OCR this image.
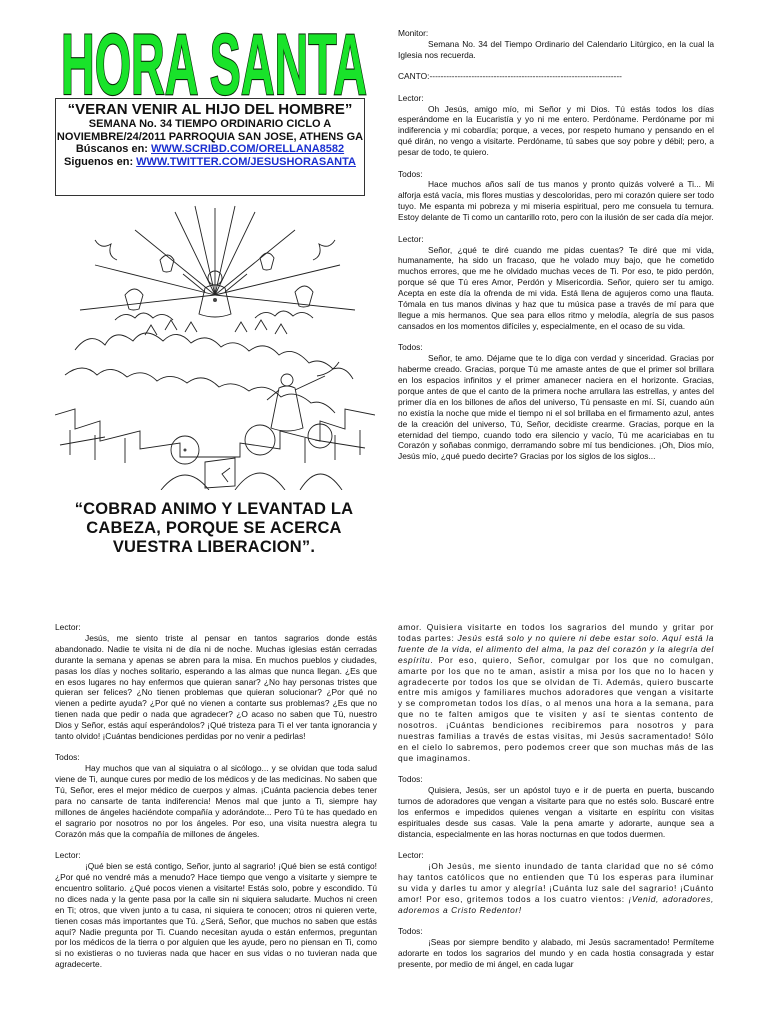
HORA SANTA
“VERAN VENIR AL HIJO DEL HOMBRE”
SEMANA No. 34 TIEMPO ORDINARIO CICLO A
NOVIEMBRE/24/2011 PARROQUIA SAN JOSE, ATHENS GA
Búscanos en: WWW.SCRIBD.COM/ORELLANA8582
Siguenos en: WWW.TWITTER.COM/JESUSHORASANTA
“COBRAD ANIMO Y LEVANTAD LA CABEZA, PORQUE SE ACERCA VUESTRA LIBERACION”.
Monitor:

Semana No. 34 del Tiempo Ordinario del Calendario Litúrgico, en la cual la Iglesia nos recuerda.

CANTO:---------------------------------------------------------------------

Lector:

Oh Jesús, amigo mío, mi Señor y mi Dios. Tú estás todos los días esperándome en la Eucaristía y yo ni me entero. Perdóname. Perdóname por mi indiferencia y mi cobardía; porque, a veces, por respeto humano y pensando en el qué dirán, no vengo a visitarte. Perdóname, tú sabes que soy pobre y débil; pero, a pesar de todo, te quiero.

Todos:

Hace muchos años salí de tus manos y pronto quizás volveré a Ti... Mi alforja está vacía, mis flores mustias y descoloridas, pero mi corazón quiere ser todo tuyo. Me espanta mi pobreza y mi miseria espiritual, pero me consuela tu ternura. Estoy delante de Ti como un cantarillo roto, pero con la ilusión de ser cada día mejor.

Lector:

Señor, ¿qué te diré cuando me pidas cuentas? Te diré que mi vida, humanamente, ha sido un fracaso, que he volado muy bajo, que he cometido muchos errores, que me he olvidado muchas veces de Ti. Por eso, te pido perdón, porque sé que Tú eres Amor, Perdón y Misericordia. Señor, quiero ser tu amigo. Acepta en este día la ofrenda de mi vida. Está llena de agujeros como una flauta. Tómala en tus manos divinas y haz que tu música pase a través de mí para que llegue a mis hermanos. Que sea para ellos ritmo y melodía, alegría de sus pasos cansados en los momentos difíciles y, especialmente, en el ocaso de su vida.

Todos:

Señor, te amo. Déjame que te lo diga con verdad y sinceridad. Gracias por haberme creado. Gracias, porque Tú me amaste antes de que el primer sol brillara en los espacios infinitos y el primer amanecer naciera en el horizonte. Gracias, porque antes de que el canto de la primera noche arrullara las estrellas, y antes del primer día en los billones de años del universo, Tú pensaste en mí. Sí, cuando aún no existía la noche que mide el tiempo ni el sol brillaba en el firmamento azul, antes de la creación del universo, Tú, Señor, decidiste crearme. Gracias, porque en la eternidad del tiempo, cuando todo era silencio y vacío, Tú me acariciabas en tu Corazón y soñabas conmigo, derramando sobre mí tus bendiciones. ¡Oh, Dios mío, Jesús mío, ¿qué puedo decirte? Gracias por los siglos de los siglos...

Lector:

Jesús, me siento triste al pensar en tantos sagrarios donde estás abandonado. Nadie te visita ni de día ni de noche. Muchas iglesias están cerradas durante la semana y apenas se abren para la misa. En muchos pueblos y ciudades, pasas los días y noches solitario, esperando a las almas que nunca llegan. ¿Es que en esos lugares no hay enfermos que quieran sanar? ¿No hay personas tristes que quieran ser felices? ¿No tienen problemas que quieran solucionar? ¿Por qué no vienen a pedirte ayuda? ¿Por qué no vienen a contarte sus problemas? ¿Es que no tienen nada que pedir o nada que agradecer? ¿O acaso no saben que Tú, nuestro Dios y Señor, estás aquí esperándolos? ¡Qué tristeza para Ti el ver tanta ignorancia y tanto olvido! ¡Cuántas bendiciones perdidas por no venir a pedirlas!

Todos:

Hay muchos que van al siquiatra o al sicólogo... y se olvidan que toda salud viene de Ti, aunque cures por medio de los médicos y de las medicinas. No saben que Tú, Señor, eres el mejor médico de cuerpos y almas. ¡Cuánta paciencia debes tener para no cansarte de tanta indiferencia! Menos mal que junto a Ti, siempre hay millones de ángeles haciéndote compañía y adorándote... Pero Tú te has quedado en el sagrario por nosotros no por los ángeles. Por eso, una visita nuestra alegra tu Corazón más que la compañía de millones de ángeles.

Lector:

¡Qué bien se está contigo, Señor, junto al sagrario! ¡Qué bien se está contigo! ¿Por qué no vendré más a menudo? Hace tiempo que vengo a visitarte y siempre te encuentro solitario. ¿Qué pocos vienen a visitarte! Estás solo, pobre y escondido. Tú no dices nada y la gente pasa por la calle sin ni siquiera saludarte. Muchos ni creen en Ti; otros, que viven junto a tu casa, ni siquiera te conocen; otros ni quieren verte, tienen cosas más importantes que Tú. ¿Será, Señor, que muchos no saben que estás aquí? Nadie pregunta por Ti. Cuando necesitan ayuda o están enfermos, preguntan por los médicos de la tierra o por alguien que les ayude, pero no piensan en Ti, como si no existieras o no tuvieras nada que hacer en sus vidas o no tuvieran nada que agradecerte.

amor. Quisiera visitarte en todos los sagrarios del mundo y gritar por todas partes: Jesús está solo y no quiere ni debe estar solo. Aquí está la fuente de la vida, el alimento del alma, la paz del corazón y la alegría del espíritu. Por eso, quiero, Señor, comulgar por los que no comulgan, amarte por los que no te aman, asistir a misa por los que no lo hacen y agradecerte por todos los que se olvidan de Ti. Además, quiero buscarte entre mis amigos y familiares muchos adoradores que vengan a visitarte y se comprometan todos los días, o al menos una hora a la semana, para que no te falten amigos que te visiten y así te sientas contento de nosotros. ¡Cuántas bendiciones recibiremos para nosotros y para nuestras familias a través de estas visitas, mi Jesús sacramentado! Sólo en el cielo lo sabremos, pero podemos creer que son muchas más de las que imaginamos.

Todos:

Quisiera, Jesús, ser un apóstol tuyo e ir de puerta en puerta, buscando turnos de adoradores que vengan a visitarte para que no estés solo. Buscaré entre los enfermos e impedidos quienes vengan a visitarte en espíritu con visitas espirituales desde sus casas. Vale la pena amarte y adorarte, aunque sea a distancia, especialmente en las horas nocturnas en que todos duermen.

Lector:

¡Oh Jesús, me siento inundado de tanta claridad que no sé cómo hay tantos católicos que no entienden que Tú los esperas para iluminar su vida y darles tu amor y alegría! ¡Cuánta luz sale del sagrario! ¡Cuánto amor! Por eso, gritemos todos a los cuatro vientos: ¡Venid, adoradores, adoremos a Cristo Redentor!

Todos:

¡Seas por siempre bendito y alabado, mi Jesús sacramentado! Permíteme adorarte en todos los sagrarios del mundo y en cada hostia consagrada y estar presente, por medio de mi ángel, en cada lugar
